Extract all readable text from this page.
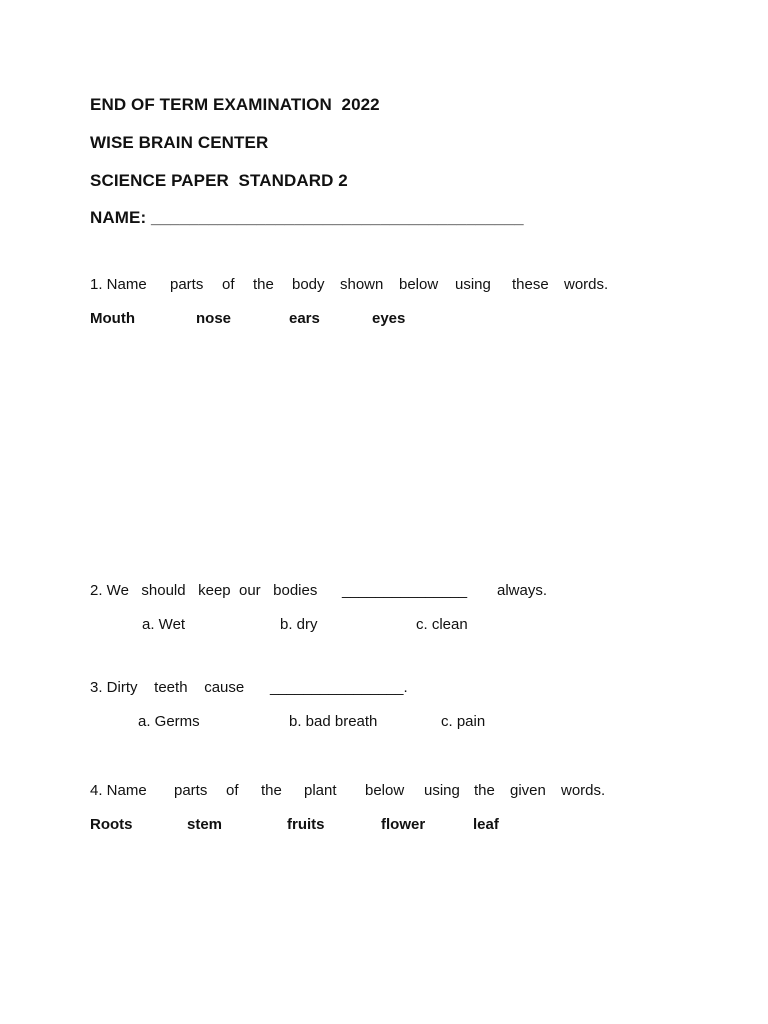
END OF TERM EXAMINATION  2022
WISE BRAIN CENTER
SCIENCE PAPER  STANDARD 2
NAME: _______________________________________
1. Name parts of the body shown below using these words.
Mouth	nose	ears	eyes
2. We   should   keep  our   bodies _______________ always.
a. Wet	b. dry	c. clean
3. Dirty    teeth    cause ________________.
a. Germs	b. bad breath	c. pain
4. Name parts of the plant below using the given words.
Roots	stem	fruits	flower	leaf
